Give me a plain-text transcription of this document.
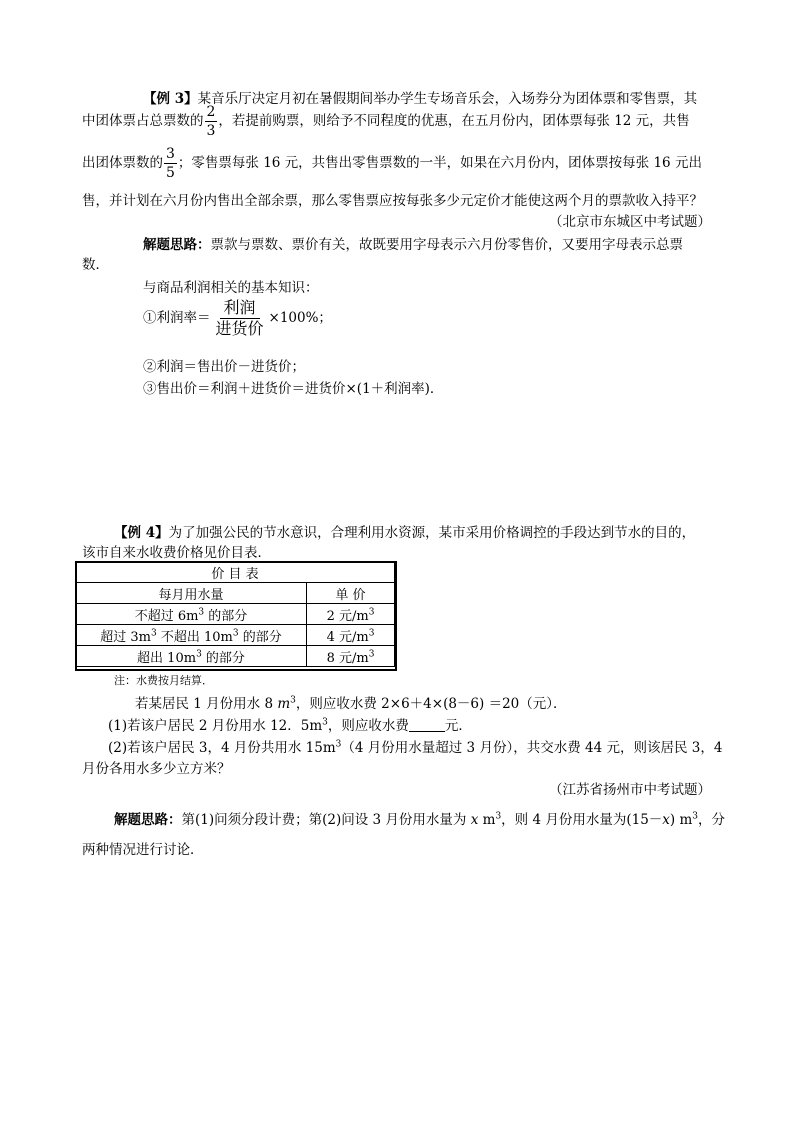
【例 3】某音乐厅决定月初在暑假期间举办学生专场音乐会，入场券分为团体票和零售票，其
中团体票占总票数的 $\frac{2}{3}$ ，若提前购票，则给予不同程度的优惠，在五月份内，团体票每张 12 元，共售
出团体票数的 $\frac{3}{5}$ ；零售票每张 16 元，共售出零售票数的一半，如果在六月份内，团体票按每张 16 元出
售，并计划在六月份内售出全部余票，那么零售票应按每张多少元定价才能使这两个月的票款收入持平？
（北京市东城区中考试题）
解题思路：票款与票数、票价有关，故既要用字母表示六月份零售价，又要用字母表示总票
数．
与商品利润相关的基本知识：
①利润率＝ $\frac{\text{利润}}{\text{进货价}} \times 100\%$；
②利润＝售出价－进货价；
③售出价＝利润＋进货价＝进货价×(1＋利润率)．
【例 4】为了加强公民的节水意识，合理利用水资源，某市采用价格调控的手段达到节水的目的，
该市自来水收费价格见价目表．
价 目 表	
每月用水量	单 价
不超过 $6m^3$ 的部分	2 元$/m^3$
超过 $3m^3$ 不超出 $10m^3$ 的部分	4 元$/m^3$
超出 $10m^3$ 的部分	8 元$/m^3$
注：水费按月结算．
若某居民 1 月份用水 8 $m^3$，则应收水费 2×6＋4×(8－6) ＝20（元）．
(1)若该户居民 2 月份用水 12．$5m^3$，则应收水费	元．
(2)若该户居民 3，4 月份共用水 $15m^3(4$ 月份用水量超过 3 月份），共交水费 44 元，则该居民 3，4
月份各用水多少立方米？
（江苏省扬州市中考试题）
解题思路：第(1)问须分段计费；第(2)问设 3 月份用水量为 x $m^3$，则 4 月份用水量为(15－x) $m^3$，分
两种情况进行讨论．
